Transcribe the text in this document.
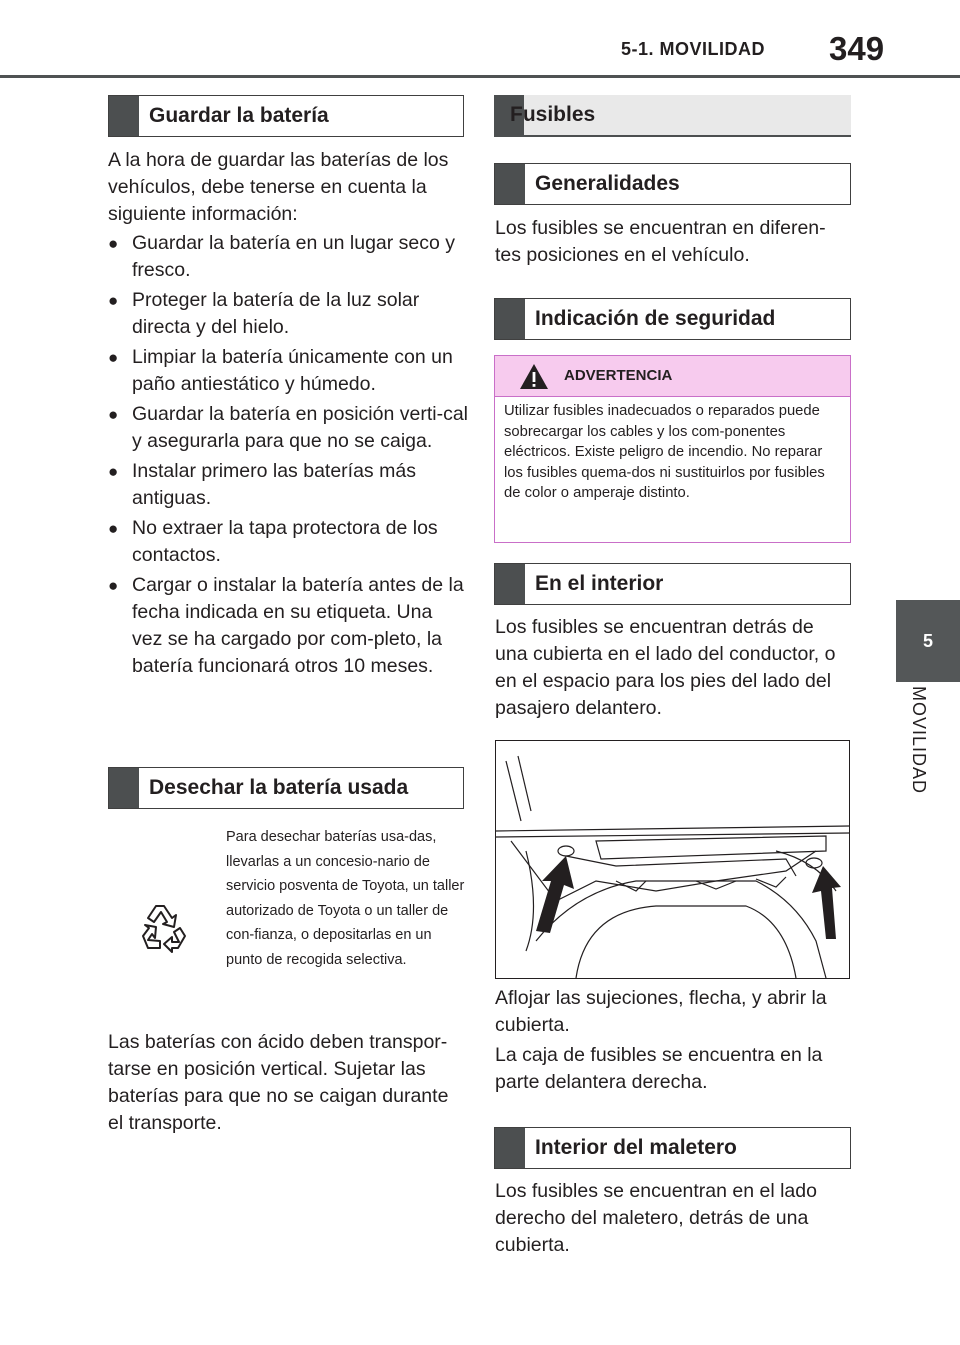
5-1. MOVILIDAD 349
5
MOVILIDAD
Guardar la batería
A la hora de guardar las baterías de los vehículos, debe tenerse en cuenta la siguiente información:
● Guardar la batería en un lugar seco y fresco.
● Proteger la batería de la luz solar directa y del hielo.
● Limpiar la batería únicamente con un paño antiestático y húmedo.
● Guardar la batería en posición verti-cal y asegurarla para que no se caiga.
● Instalar primero las baterías más antiguas.
● No extraer la tapa protectora de los contactos.
● Cargar o instalar la batería antes de la fecha indicada en su etiqueta. Una vez se ha cargado por com-pleto, la batería funcionará otros 10 meses.
Desechar la batería usada
Para desechar baterías usa-das, llevarlas a un concesio-nario de servicio posventa de Toyota, un taller autorizado de Toyota o un taller de con-fianza, o depositarlas en un punto de recogida selectiva.
Las baterías con ácido deben transpor-tarse en posición vertical. Sujetar las baterías para que no se caigan durante el transporte.
Fusibles
Generalidades
Los fusibles se encuentran en diferen-tes posiciones en el vehículo.
Indicación de seguridad
ADVERTENCIA
Utilizar fusibles inadecuados o reparados puede sobrecargar los cables y los com-ponentes eléctricos. Existe peligro de incendio. No reparar los fusibles quema-dos ni sustituirlos por fusibles de color o amperaje distinto.
En el interior
Los fusibles se encuentran detrás de una cubierta en el lado del conductor, o en el espacio para los pies del lado del pasajero delantero.
Aflojar las sujeciones, flecha, y abrir la cubierta.
La caja de fusibles se encuentra en la parte delantera derecha.
Interior del maletero
Los fusibles se encuentran en el lado derecho del maletero, detrás de una cubierta.
